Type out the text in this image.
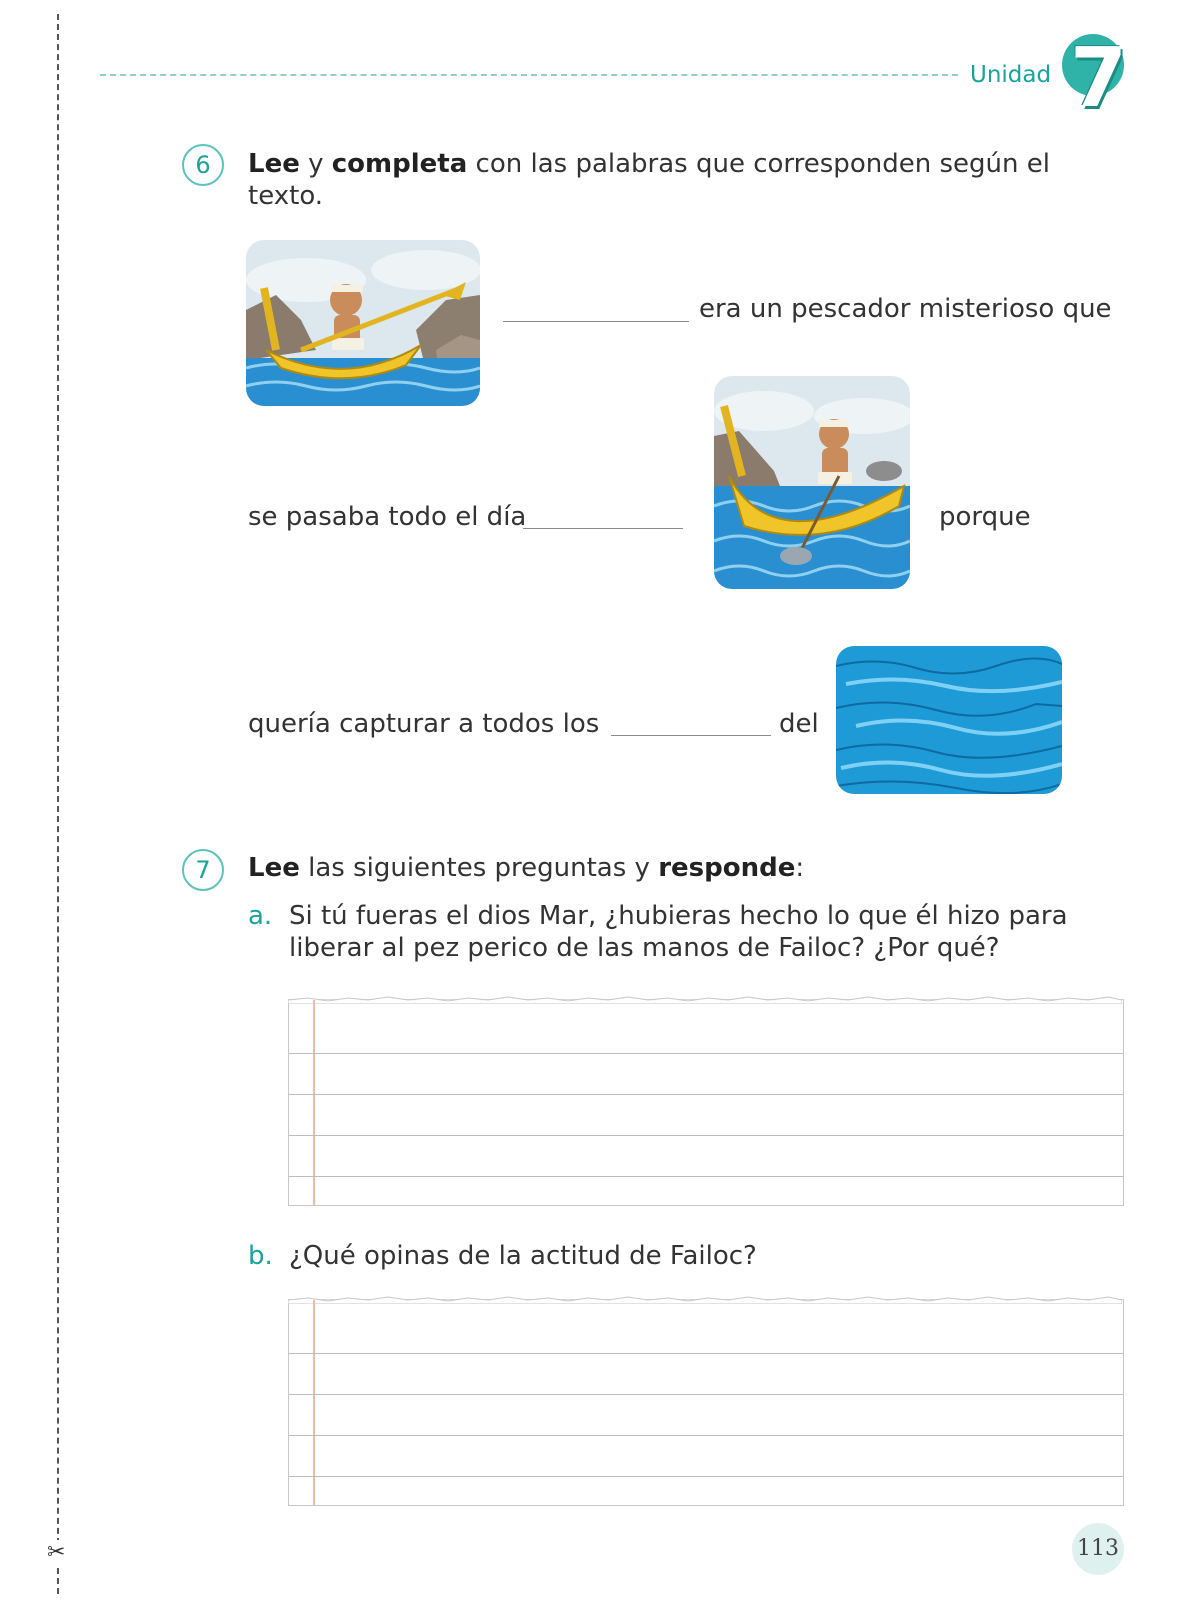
✂
Unidad 7
6	Lee y completa con las palabras que corresponden según el texto.
era un pescador misterioso que
se pasaba todo el día	porque
quería capturar a todos los	del
7	Lee las siguientes preguntas y responde:
a. Si tú fueras el dios Mar, ¿hubieras hecho lo que él hizo para liberar al pez perico de las manos de Failoc? ¿Por qué?
b. ¿Qué opinas de la actitud de Failoc?
113
